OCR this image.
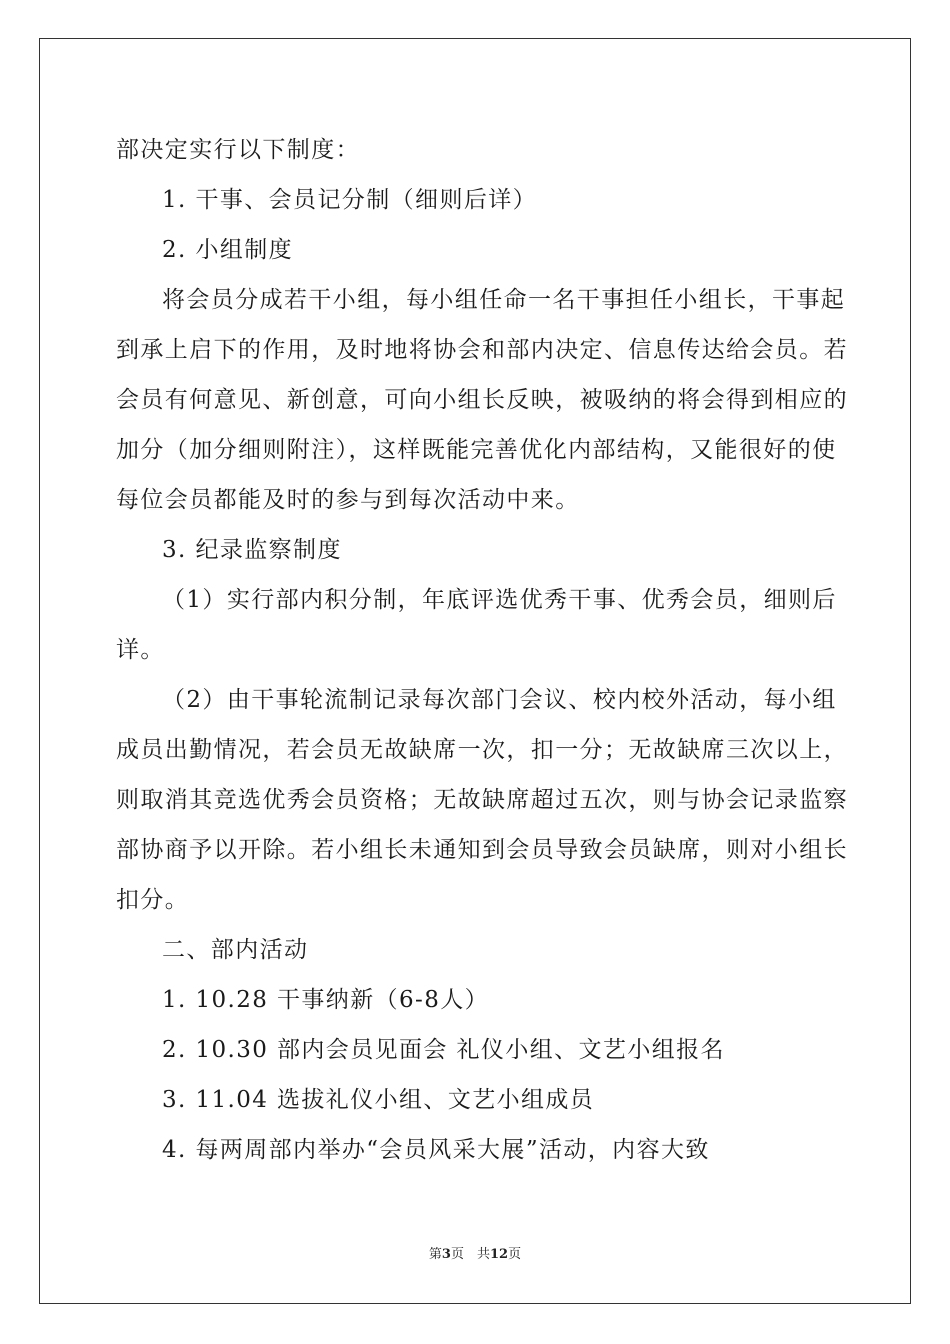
部决定实行以下制度：
1. 干事、会员记分制（细则后详）
2. 小组制度
将会员分成若干小组，每小组任命一名干事担任小组长，干事起
到承上启下的作用，及时地将协会和部内决定、信息传达给会员。若
会员有何意见、新创意，可向小组长反映，被吸纳的将会得到相应的
加分（加分细则附注），这样既能完善优化内部结构，又能很好的使
每位会员都能及时的参与到每次活动中来。
3. 纪录监察制度
（1）实行部内积分制，年底评选优秀干事、优秀会员，细则后
详。
（2）由干事轮流制记录每次部门会议、校内校外活动，每小组
成员出勤情况，若会员无故缺席一次，扣一分；无故缺席三次以上，
则取消其竞选优秀会员资格；无故缺席超过五次，则与协会记录监察
部协商予以开除。若小组长未通知到会员导致会员缺席，则对小组长
扣分。
二、部内活动
1. 10.28 干事纳新（6-8人）
2. 10.30 部内会员见面会 礼仪小组、文艺小组报名
3. 11.04 选拔礼仪小组、文艺小组成员
4. 每两周部内举办“会员风采大展”活动，内容大致
第3页　共12页
